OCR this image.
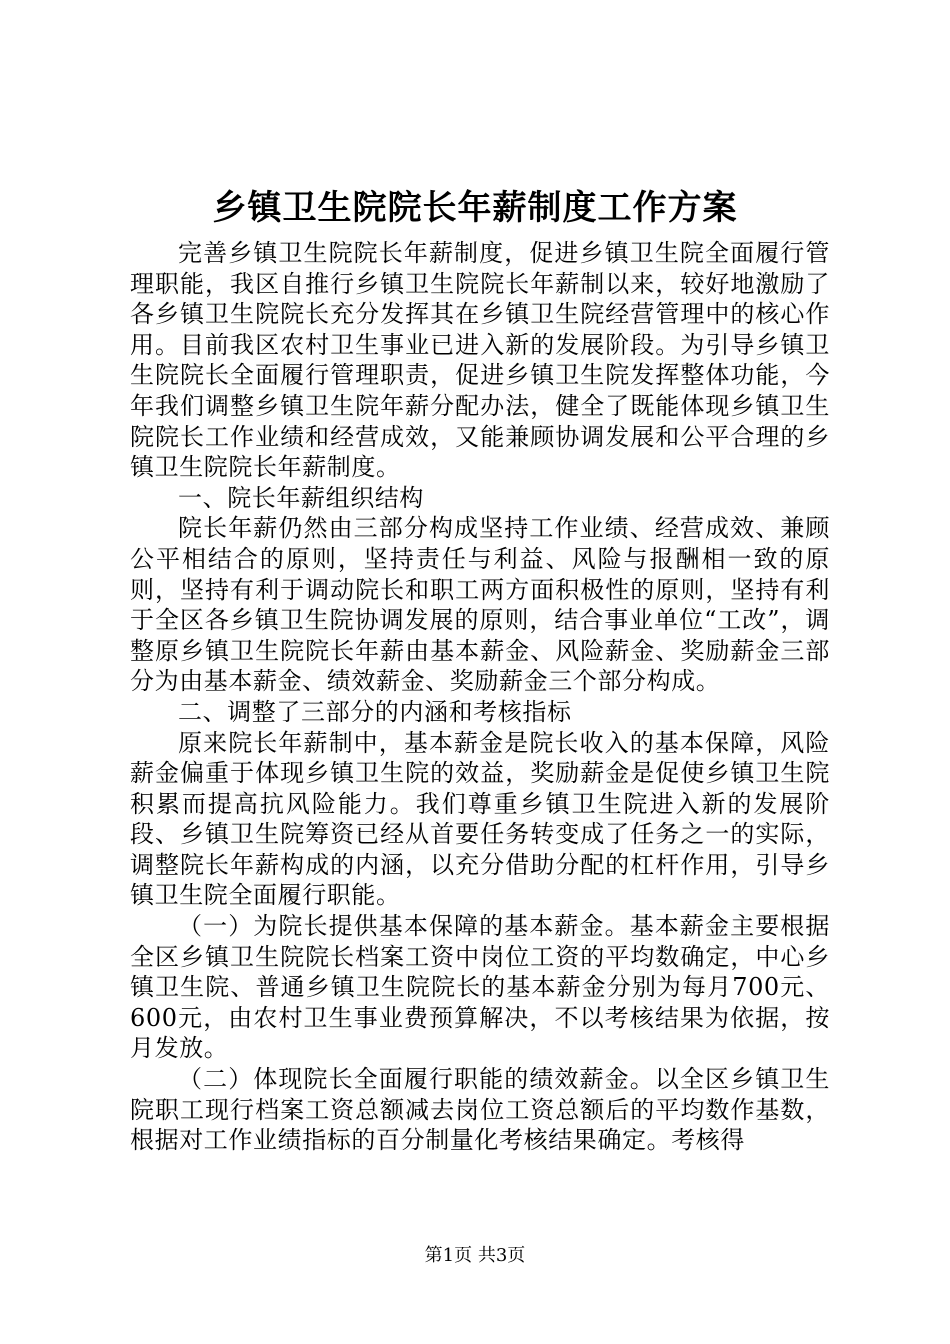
乡镇卫生院院长年薪制度工作方案

完善乡镇卫生院院长年薪制度，促进乡镇卫生院全面履行管理职能，我区自推行乡镇卫生院院长年薪制以来，较好地激励了各乡镇卫生院院长充分发挥其在乡镇卫生院经营管理中的核心作用。目前我区农村卫生事业已进入新的发展阶段。为引导乡镇卫生院院长全面履行管理职责，促进乡镇卫生院发挥整体功能，今年我们调整乡镇卫生院年薪分配办法，健全了既能体现乡镇卫生院院长工作业绩和经营成效，又能兼顾协调发展和公平合理的乡镇卫生院院长年薪制度。

一、院长年薪组织结构

院长年薪仍然由三部分构成坚持工作业绩、经营成效、兼顾公平相结合的原则，坚持责任与利益、风险与报酬相一致的原则，坚持有利于调动院长和职工两方面积极性的原则，坚持有利于全区各乡镇卫生院协调发展的原则，结合事业单位“工改”，调整原乡镇卫生院院长年薪由基本薪金、风险薪金、奖励薪金三部分为由基本薪金、绩效薪金、奖励薪金三个部分构成。

二、调整了三部分的内涵和考核指标

原来院长年薪制中，基本薪金是院长收入的基本保障，风险薪金偏重于体现乡镇卫生院的效益，奖励薪金是促使乡镇卫生院积累而提高抗风险能力。我们尊重乡镇卫生院进入新的发展阶段、乡镇卫生院筹资已经从首要任务转变成了任务之一的实际，调整院长年薪构成的内涵，以充分借助分配的杠杆作用，引导乡镇卫生院全面履行职能。

（一）为院长提供基本保障的基本薪金。基本薪金主要根据全区乡镇卫生院院长档案工资中岗位工资的平均数确定，中心乡镇卫生院、普通乡镇卫生院院长的基本薪金分别为每月700元、600元，由农村卫生事业费预算解决，不以考核结果为依据，按月发放。

（二）体现院长全面履行职能的绩效薪金。以全区乡镇卫生院职工现行档案工资总额减去岗位工资总额后的平均数作基数，根据对工作业绩指标的百分制量化考核结果确定。考核得

第1页 共3页
